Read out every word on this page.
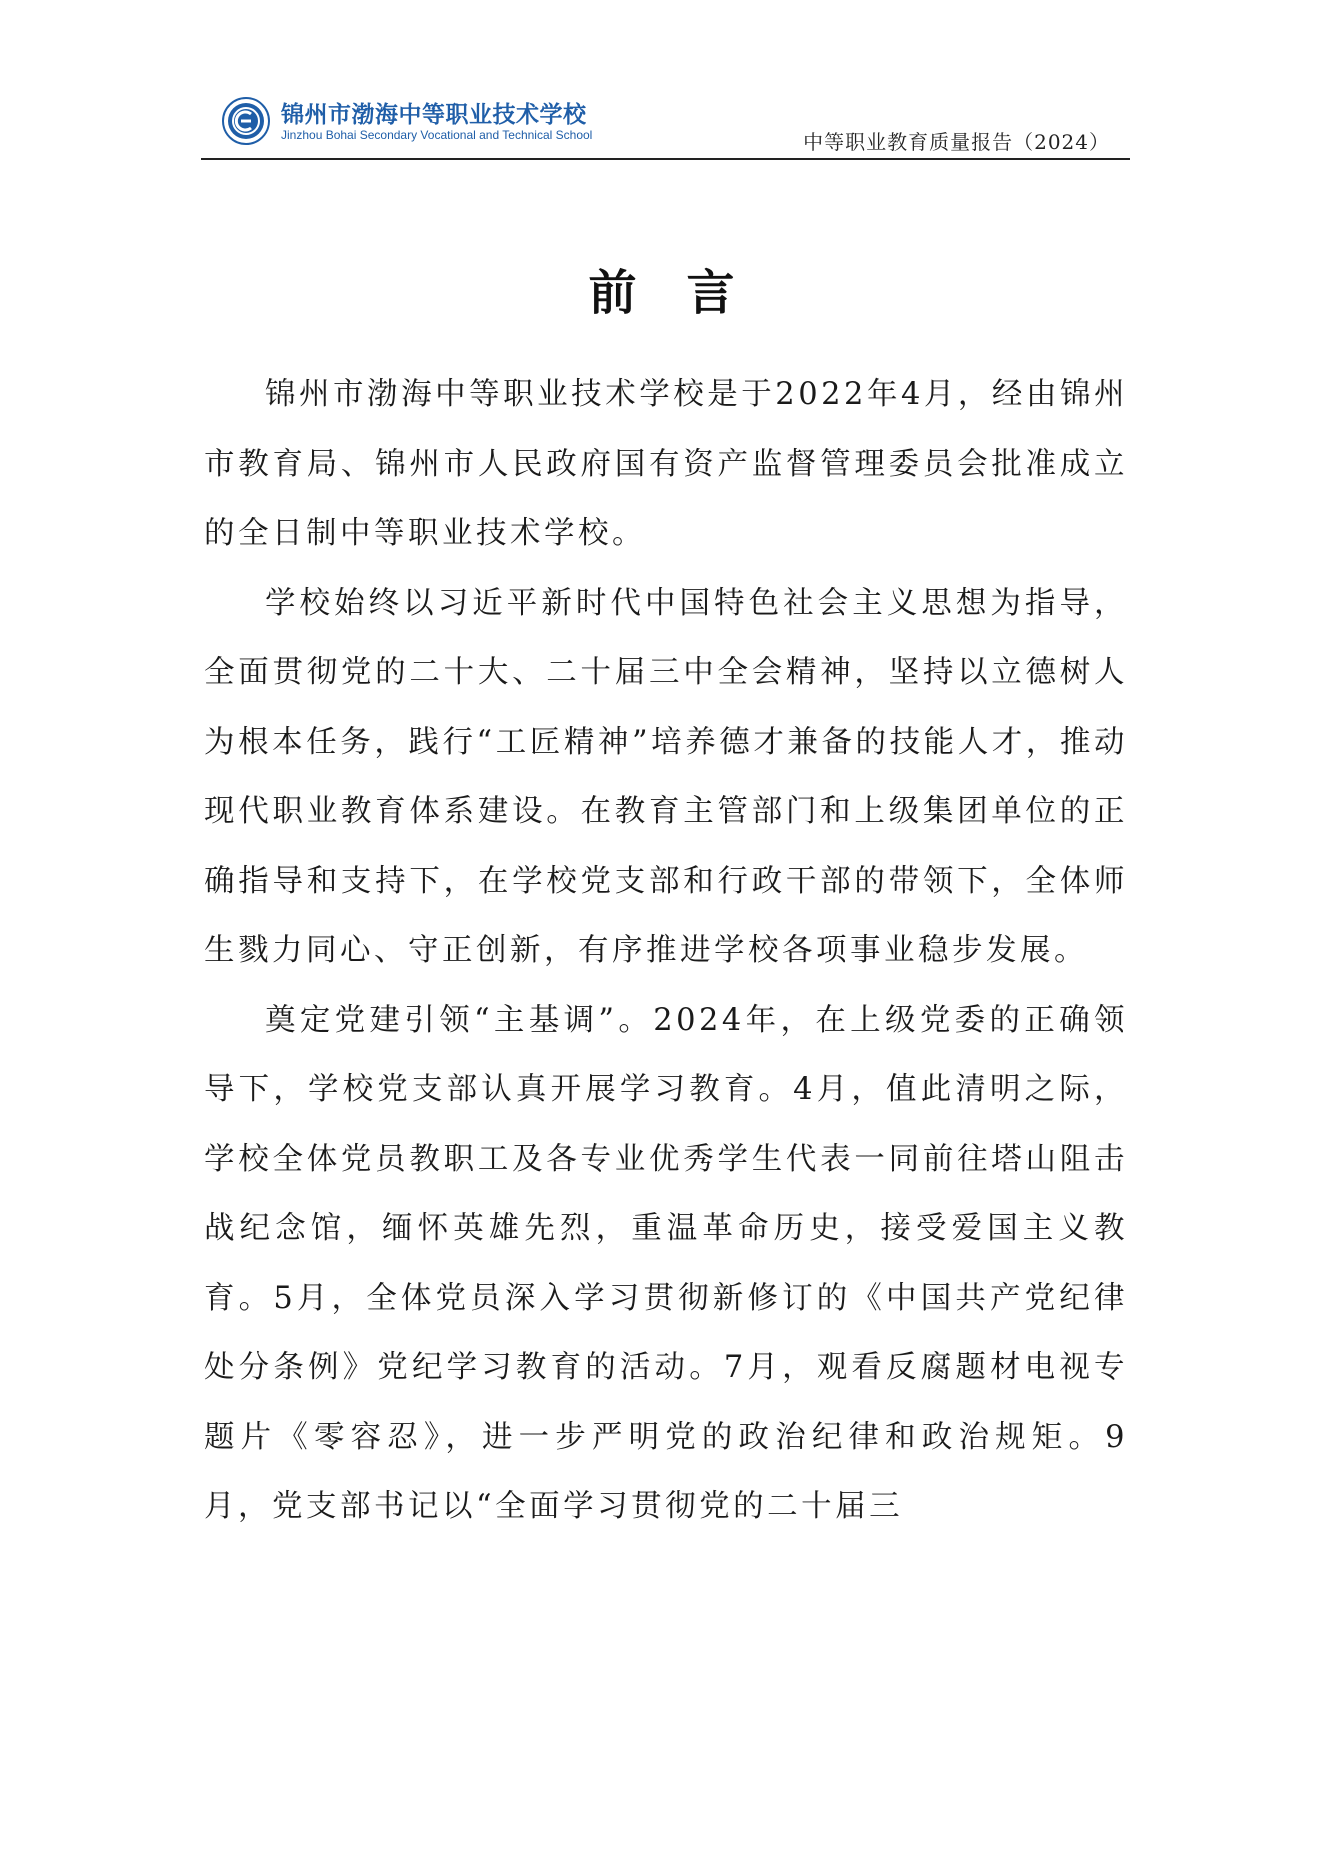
锦州市渤海中等职业技术学校
Jinzhou Bohai Secondary Vocational and Technical School	中等职业教育质量报告（2024）
前言

锦州市渤海中等职业技术学校是于2022年4月，经由锦州市教育局、锦州市人民政府国有资产监督管理委员会批准成立的全日制中等职业技术学校。

学校始终以习近平新时代中国特色社会主义思想为指导，全面贯彻党的二十大、二十届三中全会精神，坚持以立德树人为根本任务，践行“工匠精神”培养德才兼备的技能人才，推动现代职业教育体系建设。在教育主管部门和上级集团单位的正确指导和支持下，在学校党支部和行政干部的带领下，全体师生戮力同心、守正创新，有序推进学校各项事业稳步发展。

奠定党建引领“主基调”。2024年，在上级党委的正确领导下，学校党支部认真开展学习教育。4月，值此清明之际，学校全体党员教职工及各专业优秀学生代表一同前往塔山阻击战纪念馆，缅怀英雄先烈，重温革命历史，接受爱国主义教育。5月，全体党员深入学习贯彻新修订的《中国共产党纪律处分条例》党纪学习教育的活动。7月，观看反腐题材电视专题片《零容忍》，进一步严明党的政治纪律和政治规矩。9月，党支部书记以“全面学习贯彻党的二十届三
